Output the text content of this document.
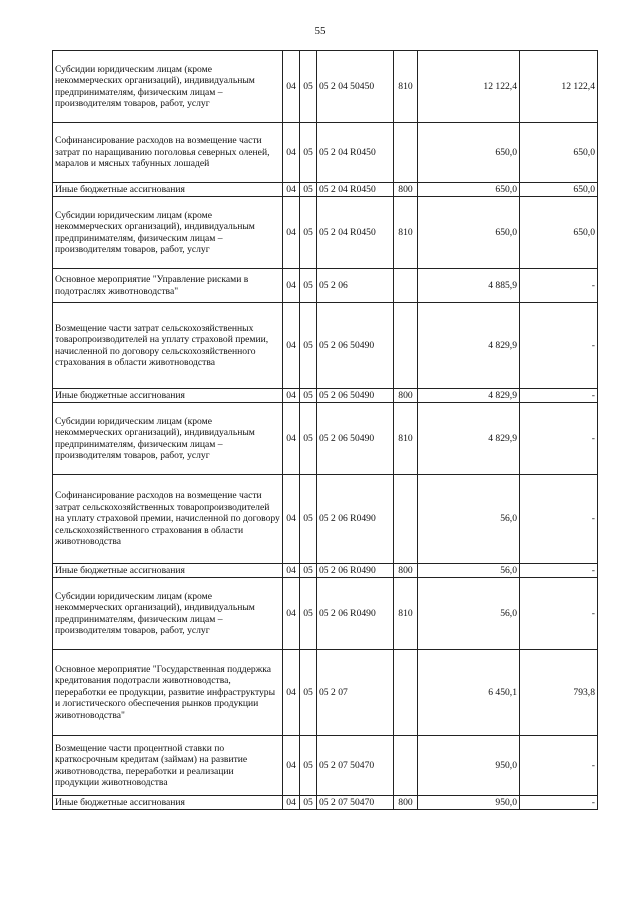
55
Субсидии юридическим лицам (кроме некоммерческих организаций), индивидуальным предпринимателям, физическим лицам – производителям товаров, работ, услуг	04	05	05 2 04 50450	810	12 122,4	12 122,4
Софинансирование расходов на возмещение части затрат по наращиванию поголовья северных оленей, маралов и мясных табунных лошадей	04	05	05 2 04 R0450		650,0	650,0
Иные бюджетные ассигнования	04	05	05 2 04 R0450	800	650,0	650,0
Субсидии юридическим лицам (кроме некоммерческих организаций), индивидуальным предпринимателям, физическим лицам – производителям товаров, работ, услуг	04	05	05 2 04 R0450	810	650,0	650,0
Основное мероприятие "Управление рисками в подотраслях животноводства"	04	05	05 2 06		4 885,9	-
Возмещение части затрат сельскохозяйственных товаропроизводителей на уплату страховой премии, начисленной по договору сельскохозяйственного страхования в области животноводства	04	05	05 2 06 50490		4 829,9	-
Иные бюджетные ассигнования	04	05	05 2 06 50490	800	4 829,9	-
Субсидии юридическим лицам (кроме некоммерческих организаций), индивидуальным предпринимателям, физическим лицам – производителям товаров, работ, услуг	04	05	05 2 06 50490	810	4 829,9	-
Софинансирование расходов на возмещение части затрат сельскохозяйственных товаропроизводителей на уплату страховой премии, начисленной по договору сельскохозяйственного страхования в области животноводства	04	05	05 2 06 R0490		56,0	-
Иные бюджетные ассигнования	04	05	05 2 06 R0490	800	56,0	-
Субсидии юридическим лицам (кроме некоммерческих организаций), индивидуальным предпринимателям, физическим лицам – производителям товаров, работ, услуг	04	05	05 2 06 R0490	810	56,0	-
Основное мероприятие "Государственная поддержка кредитования подотрасли животноводства, переработки ее продукции, развитие инфраструктуры и логистического обеспечения рынков продукции животноводства"	04	05	05 2 07		6 450,1	793,8
Возмещение части процентной ставки по краткосрочным кредитам (займам) на развитие животноводства, переработки и реализации продукции животноводства	04	05	05 2 07 50470		950,0	-
Иные бюджетные ассигнования	04	05	05 2 07 50470	800	950,0	-
